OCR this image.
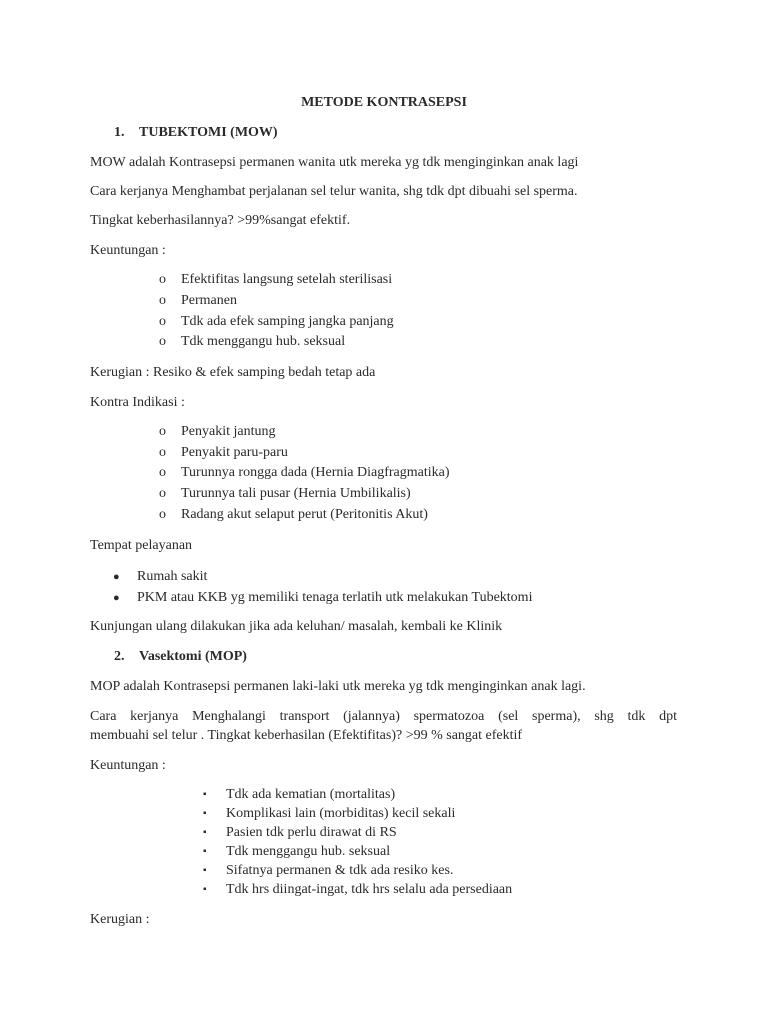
METODE KONTRASEPSI

1. TUBEKTOMI (MOW)

MOW adalah Kontrasepsi permanen wanita utk mereka yg tdk menginginkan anak lagi

Cara kerjanya Menghambat perjalanan sel telur wanita, shg tdk dpt dibuahi sel sperma.

Tingkat keberhasilannya? >99%sangat efektif.

Keuntungan :

o Efektifitas langsung setelah sterilisasi
o Permanen
o Tdk ada efek samping jangka panjang
o Tdk menggangu hub. seksual

Kerugian : Resiko & efek samping bedah tetap ada

Kontra Indikasi :

o Penyakit jantung
o Penyakit paru-paru
o Turunnya rongga dada (Hernia Diagfragmatika)
o Turunnya tali pusar (Hernia Umbilikalis)
o Radang akut selaput perut (Peritonitis Akut)

Tempat pelayanan

● Rumah sakit
● PKM atau KKB yg memiliki tenaga terlatih utk melakukan Tubektomi

Kunjungan ulang dilakukan jika ada keluhan/ masalah, kembali ke Klinik

2. Vasektomi (MOP)

MOP adalah Kontrasepsi permanen laki-laki utk mereka yg tdk menginginkan anak lagi.

Cara kerjanya Menghalangi transport (jalannya) spermatozoa (sel sperma), shg tdk dpt

membuahi sel telur . Tingkat keberhasilan (Efektifitas)? >99 % sangat efektif

Keuntungan :

▪ Tdk ada kematian (mortalitas)
▪ Komplikasi lain (morbiditas) kecil sekali
▪ Pasien tdk perlu dirawat di RS
▪ Tdk menggangu hub. seksual
▪ Sifatnya permanen & tdk ada resiko kes.
▪ Tdk hrs diingat-ingat, tdk hrs selalu ada persediaan

Kerugian :
